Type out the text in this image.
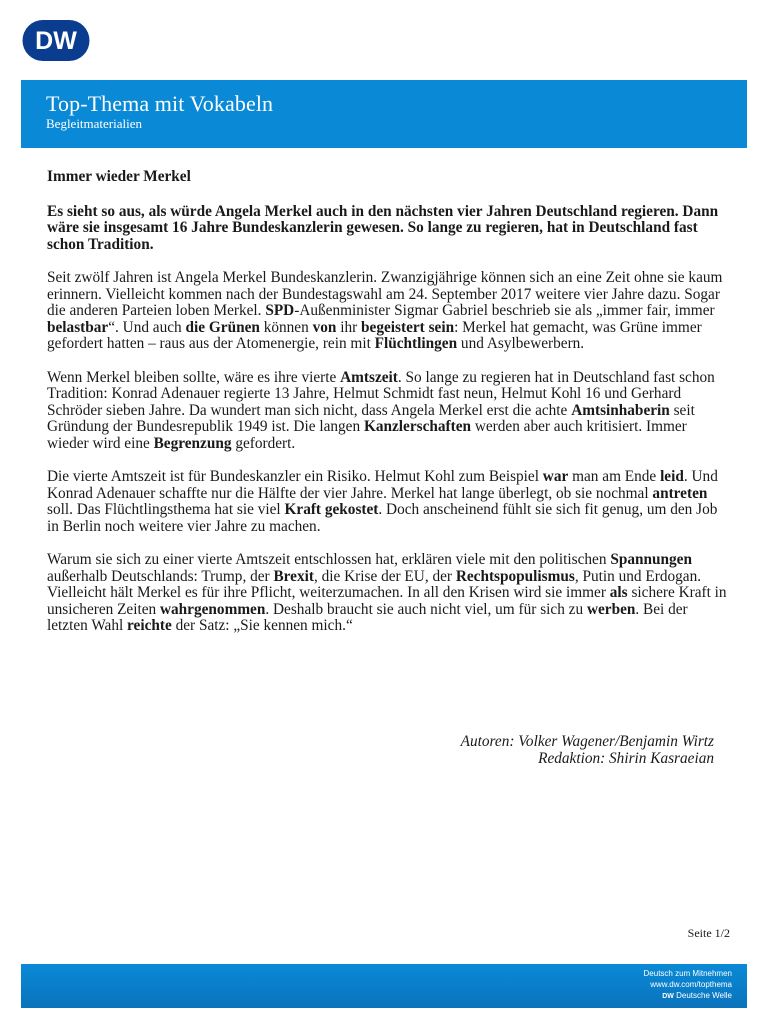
DW
Top-Thema mit Vokabeln
Begleitmaterialien

Immer wieder Merkel

Es sieht so aus, als würde Angela Merkel auch in den nächsten vier Jahren Deutschland regieren. Dann wäre sie insgesamt 16 Jahre Bundeskanzlerin gewesen. So lange zu regieren, hat in Deutschland fast schon Tradition.

Seit zwölf Jahren ist Angela Merkel Bundeskanzlerin. Zwanzigjährige können sich an eine Zeit ohne sie kaum erinnern. Vielleicht kommen nach der Bundestagswahl am 24. September 2017 weitere vier Jahre dazu. Sogar die anderen Parteien loben Merkel. SPD-Außenminister Sigmar Gabriel beschrieb sie als „immer fair, immer belastbar“. Und auch die Grünen können von ihr begeistert sein: Merkel hat gemacht, was Grüne immer gefordert hatten – raus aus der Atomenergie, rein mit Flüchtlingen und Asylbewerbern.

Wenn Merkel bleiben sollte, wäre es ihre vierte Amtszeit. So lange zu regieren hat in Deutschland fast schon Tradition: Konrad Adenauer regierte 13 Jahre, Helmut Schmidt fast neun, Helmut Kohl 16 und Gerhard Schröder sieben Jahre. Da wundert man sich nicht, dass Angela Merkel erst die achte Amtsinhaberin seit Gründung der Bundesrepublik 1949 ist. Die langen Kanzlerschaften werden aber auch kritisiert. Immer wieder wird eine Begrenzung gefordert.

Die vierte Amtszeit ist für Bundeskanzler ein Risiko. Helmut Kohl zum Beispiel war man am Ende leid. Und Konrad Adenauer schaffte nur die Hälfte der vier Jahre. Merkel hat lange überlegt, ob sie nochmal antreten soll. Das Flüchtlingsthema hat sie viel Kraft gekostet. Doch anscheinend fühlt sie sich fit genug, um den Job in Berlin noch weitere vier Jahre zu machen.

Warum sie sich zu einer vierte Amtszeit entschlossen hat, erklären viele mit den politischen Spannungen außerhalb Deutschlands: Trump, der Brexit, die Krise der EU, der Rechtspopulismus, Putin und Erdogan. Vielleicht hält Merkel es für ihre Pflicht, weiterzumachen. In all den Krisen wird sie immer als sichere Kraft in unsicheren Zeiten wahrgenommen. Deshalb braucht sie auch nicht viel, um für sich zu werben. Bei der letzten Wahl reichte der Satz: „Sie kennen mich.“

Autoren: Volker Wagener/Benjamin Wirtz
Redaktion: Shirin Kasraeian
Seite 1/2
Deutsch zum Mitnehmen
www.dw.com/topthema
DW Deutsche Welle
